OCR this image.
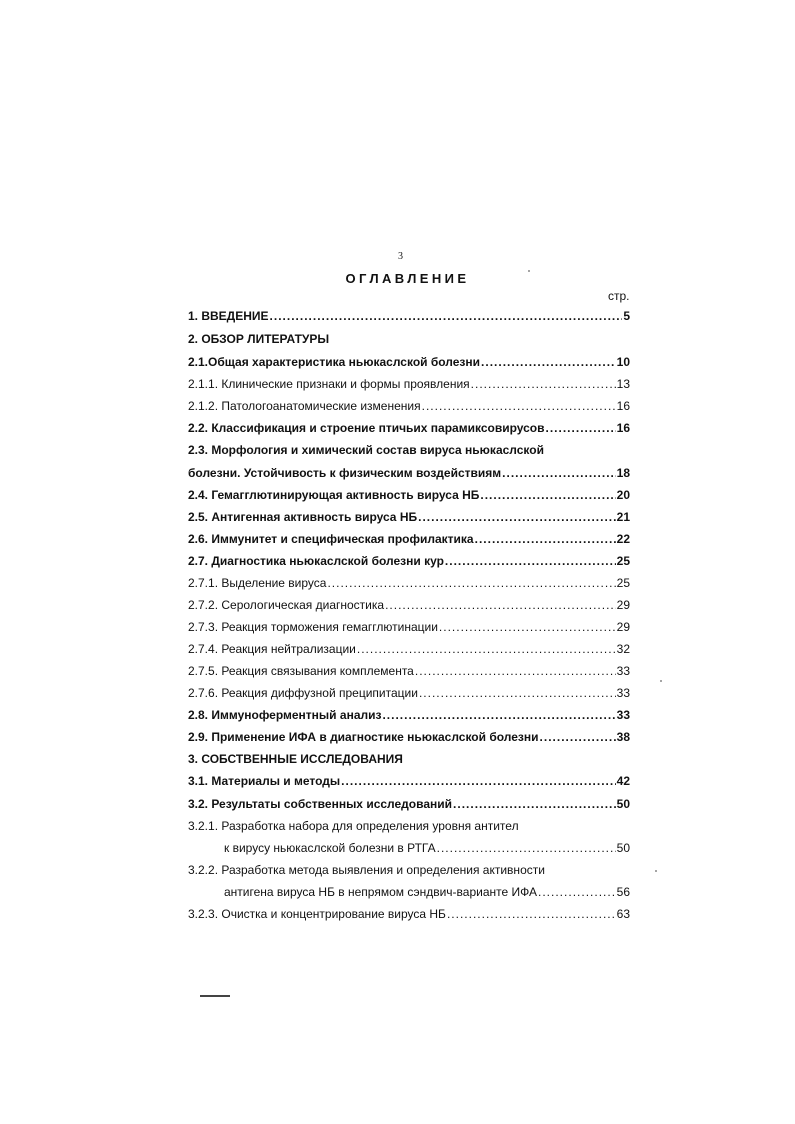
3
ОГЛАВЛЕНИЕ
стр.
1. ВВЕДЕНИЕ .....	5
2. ОБЗОР ЛИТЕРАТУРЫ
2.1.Общая характеристика ньюкаслской болезни .....	10
2.1.1. Клинические признаки и формы проявления .....	13
2.1.2. Патологоанатомические изменения .....	16
2.2. Классификация и строение птичьих парамиксовирусов .....	16
2.3. Морфология и химический состав вируса ньюкаслской
болезни. Устойчивость к физическим воздействиям .....	18
2.4. Гемагглютинирующая активность вируса НБ .....	20
2.5. Антигенная активность вируса НБ .....	21
2.6. Иммунитет и специфическая профилактика .....	22
2.7. Диагностика ньюкаслской болезни кур .....	25
2.7.1. Выделение вируса .....	25
2.7.2. Серологическая диагностика .....	29
2.7.3. Реакция торможения гемагглютинации .....	29
2.7.4. Реакция нейтрализации .....	32
2.7.5. Реакция связывания комплемента .....	33
2.7.6. Реакция диффузной преципитации .....	33
2.8. Иммуноферментный анализ .....	33
2.9. Применение ИФА в диагностике ньюкаслской болезни .....	38
3. СОБСТВЕННЫЕ ИССЛЕДОВАНИЯ
3.1. Материалы и методы .....	42
3.2. Результаты собственных исследований .....	50
3.2.1. Разработка набора для определения уровня антител
к вирусу ньюкаслской болезни в РТГА .....	50
3.2.2. Разработка метода выявления и определения активности
антигена вируса НБ в непрямом сэндвич-варианте ИФА .....	56
3.2.3. Очистка и концентрирование вируса НБ .....	63
